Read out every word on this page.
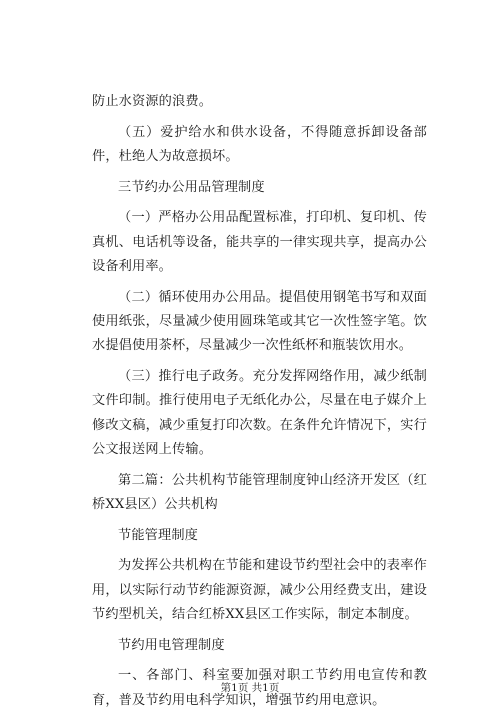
防止水资源的浪费。

（五）爱护给水和供水设备，不得随意拆卸设备部件，杜绝人为故意损坏。

三节约办公用品管理制度

（一）严格办公用品配置标准，打印机、复印机、传真机、电话机等设备，能共享的一律实现共享，提高办公设备利用率。

（二）循环使用办公用品。提倡使用钢笔书写和双面使用纸张，尽量减少使用圆珠笔或其它一次性签字笔。饮水提倡使用茶杯，尽量减少一次性纸杯和瓶装饮用水。

（三）推行电子政务。充分发挥网络作用，减少纸制文件印制。推行使用电子无纸化办公，尽量在电子媒介上修改文稿，减少重复打印次数。在条件允许情况下，实行公文报送网上传输。

第二篇：公共机构节能管理制度钟山经济开发区（红桥XX县区）公共机构

节能管理制度

为发挥公共机构在节能和建设节约型社会中的表率作用，以实际行动节约能源资源，减少公用经费支出，建设节约型机关，结合红桥XX县区工作实际，制定本制度。

节约用电管理制度

一、各部门、科室要加强对职工节约用电宣传和教育，普及节约用电科学知识，增强节约用电意识。

第1页 共1页
